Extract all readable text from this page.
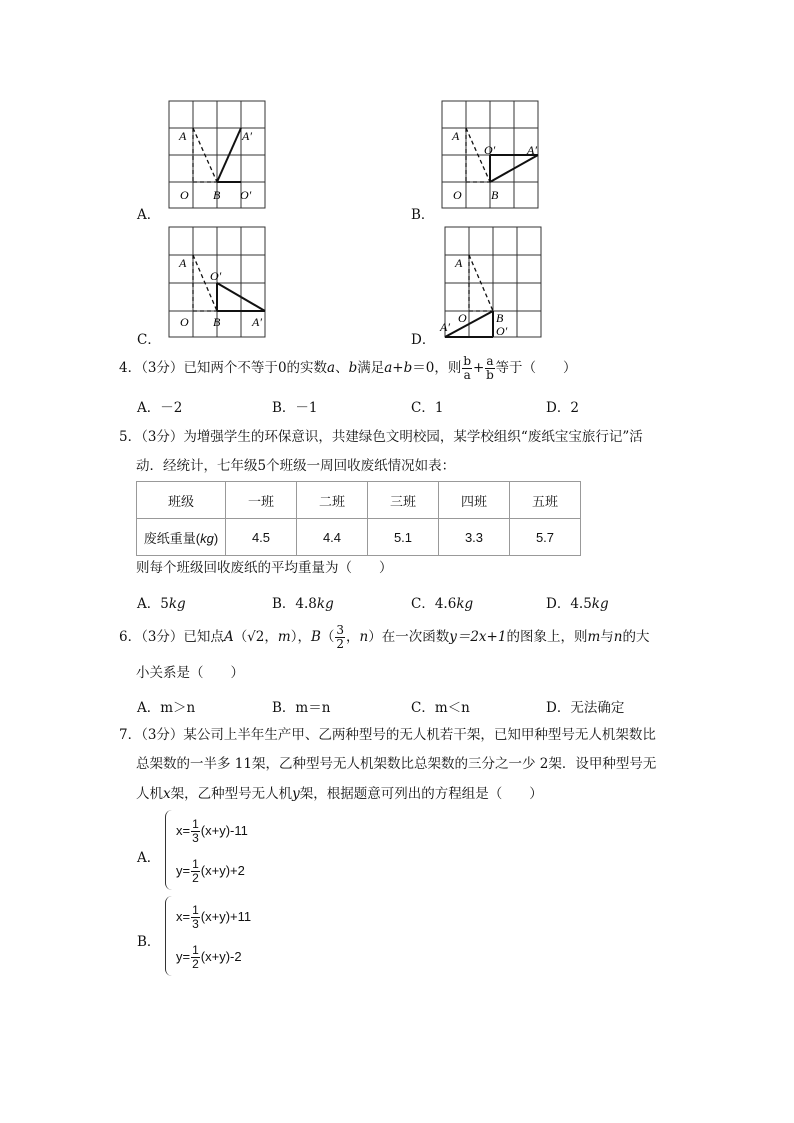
A．
A	A′
O B O′
B．
A
O′	A′
O B
C．
A
O′
O B	A′
D．
A
O B
A′	O′
4．（3分）已知两个不等于0的实数a、b满足a+b＝0，则 $\frac{b}{a} + \frac{a}{b}$ 等于（　　）
A．－2	B．－1	C．1	D．2
5．（3分）为增强学生的环保意识，共建绿色文明校园，某学校组织“废纸宝宝旅行记”活
动．经统计，七年级5个班级一周回收废纸情况如表：
班级	一班	二班	三班	四班	五班
废纸重量(kg)	4.5	4.4	5.1	3.3	5.7
则每个班级回收废纸的平均重量为（　　）
A．5kg	B．4.8kg	C．4.6kg	D．4.5kg
6．（3分）已知点A（√2，m），$B( \frac{3}{2}$ ，n）在一次函数y＝2x+1的图象上，则m与n的大
小关系是（　　）
A．m＞n	B．m＝n	C．m＜n	D．无法确定
7．（3分）某公司上半年生产甲、乙两种型号的无人机若干架，已知甲种型号无人机架数比
总架数的一半多 11架，乙种型号无人机架数比总架数的三分之一少 2架．设甲种型号无
人机x架，乙种型号无人机y架，根据题意可列出的方程组是（　　）
A．
$x= \frac{1}{3} (x+y)-11$
$y= \frac{1}{2} (x+y)+2$
B．
$x= \frac{1}{3} (x+y)+11$
$y= \frac{1}{2} (x+y)-2$
